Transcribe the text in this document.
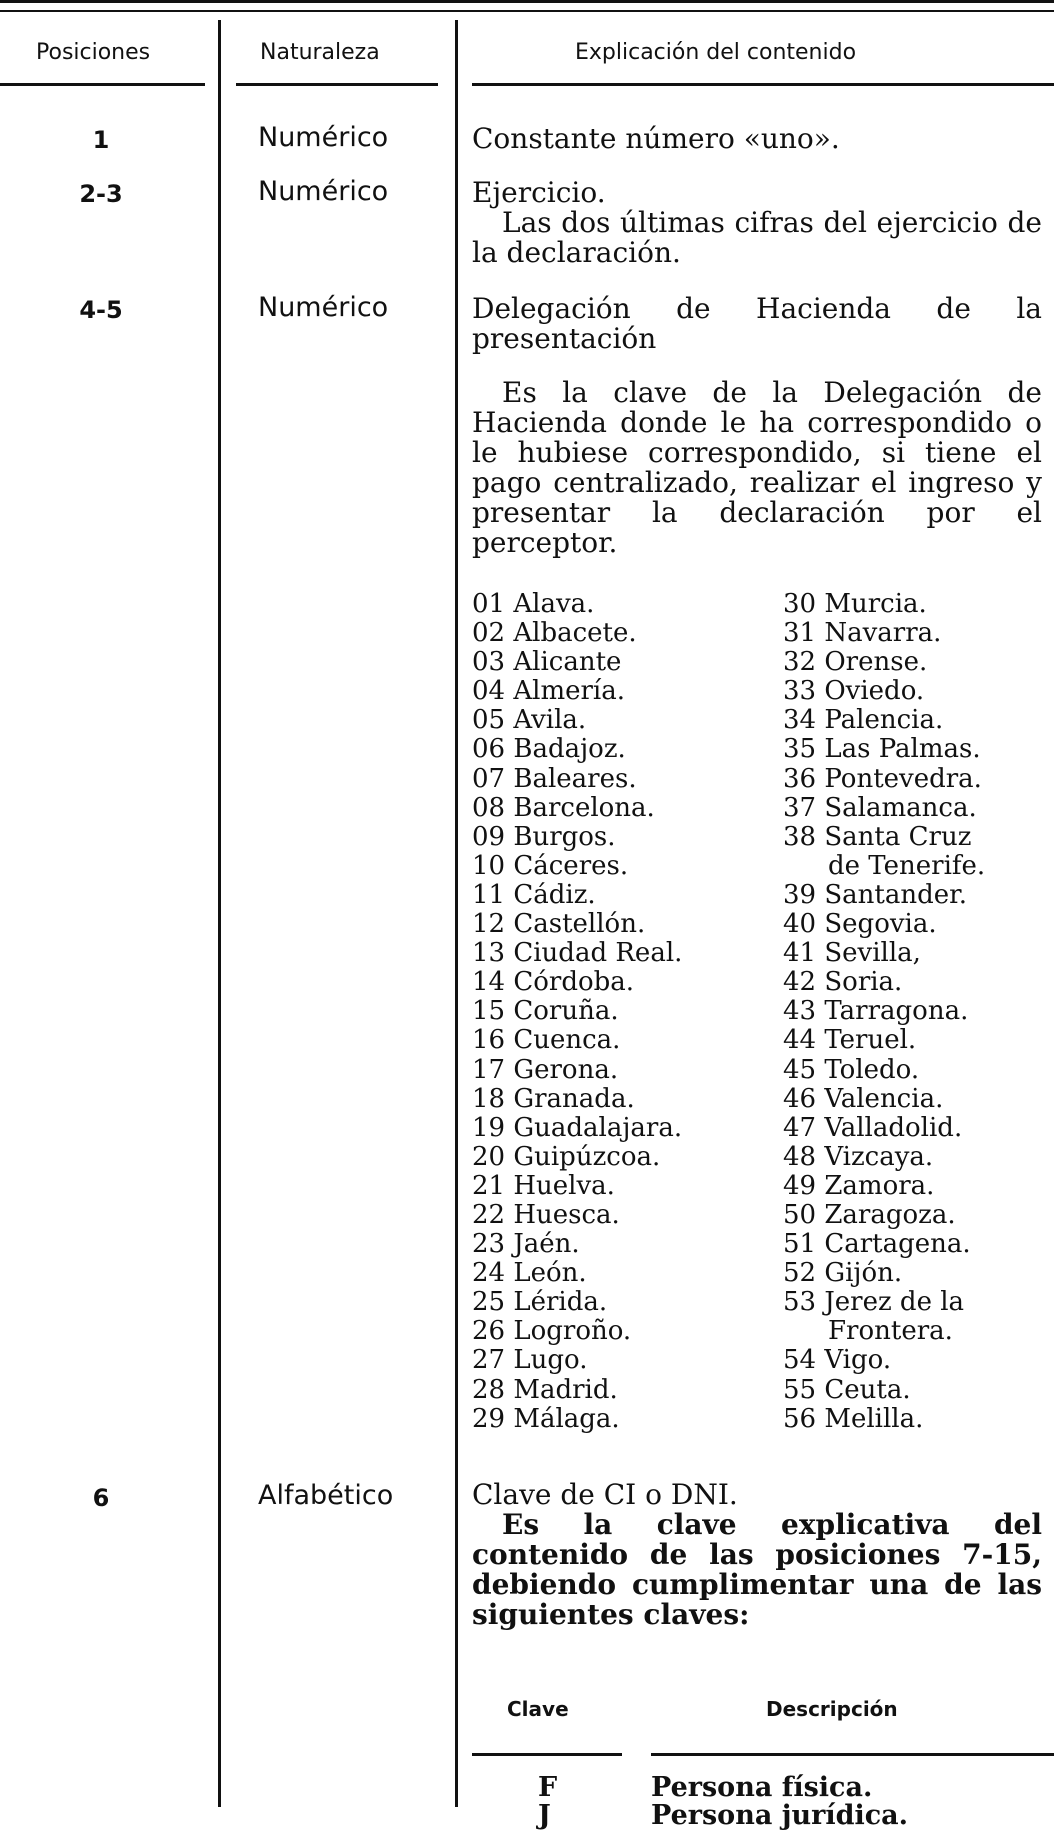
Posiciones	Naturaleza	Explicación del contenido
1	Numérico	Constante número «uno».
2-3	Numérico	Ejercicio.
Las dos últimas cifras del ejercicio de la declaración.
4-5	Numérico	Delegación de Hacienda de la presentación
Es la clave de la Delegación de Hacienda donde le ha correspondido o le hubiese correspondido, si tiene el pago centralizado, realizar el ingreso y presentar la declaración por el perceptor.
01 Alava.
02 Albacete.
03 Alicante
04 Almería.
05 Avila.
06 Badajoz.
07 Baleares.
08 Barcelona.
09 Burgos.
10 Cáceres.
11 Cádiz.
12 Castellón.
13 Ciudad Real.
14 Córdoba.
15 Coruña.
16 Cuenca.
17 Gerona.
18 Granada.
19 Guadalajara.
20 Guipúzcoa.
21 Huelva.
22 Huesca.
23 Jaén.
24 León.
25 Lérida.
26 Logroño.
27 Lugo.
28 Madrid.
29 Málaga.
30 Murcia.
31 Navarra.
32 Orense.
33 Oviedo.
34 Palencia.
35 Las Palmas.
36 Pontevedra.
37 Salamanca.
38 Santa Cruz
de Tenerife.
39 Santander.
40 Segovia.
41 Sevilla,
42 Soria.
43 Tarragona.
44 Teruel.
45 Toledo.
46 Valencia.
47 Valladolid.
48 Vizcaya.
49 Zamora.
50 Zaragoza.
51 Cartagena.
52 Gijón.
53 Jerez de la
Frontera.
54 Vigo.
55 Ceuta.
56 Melilla.
6	Alfabético	Clave de CI o DNI.
Es la clave explicativa del contenido de las posiciones 7-15, debiendo cumplimentar una de las siguientes claves:
Clave	Descripción
F	Persona física.
J	Persona jurídica.
